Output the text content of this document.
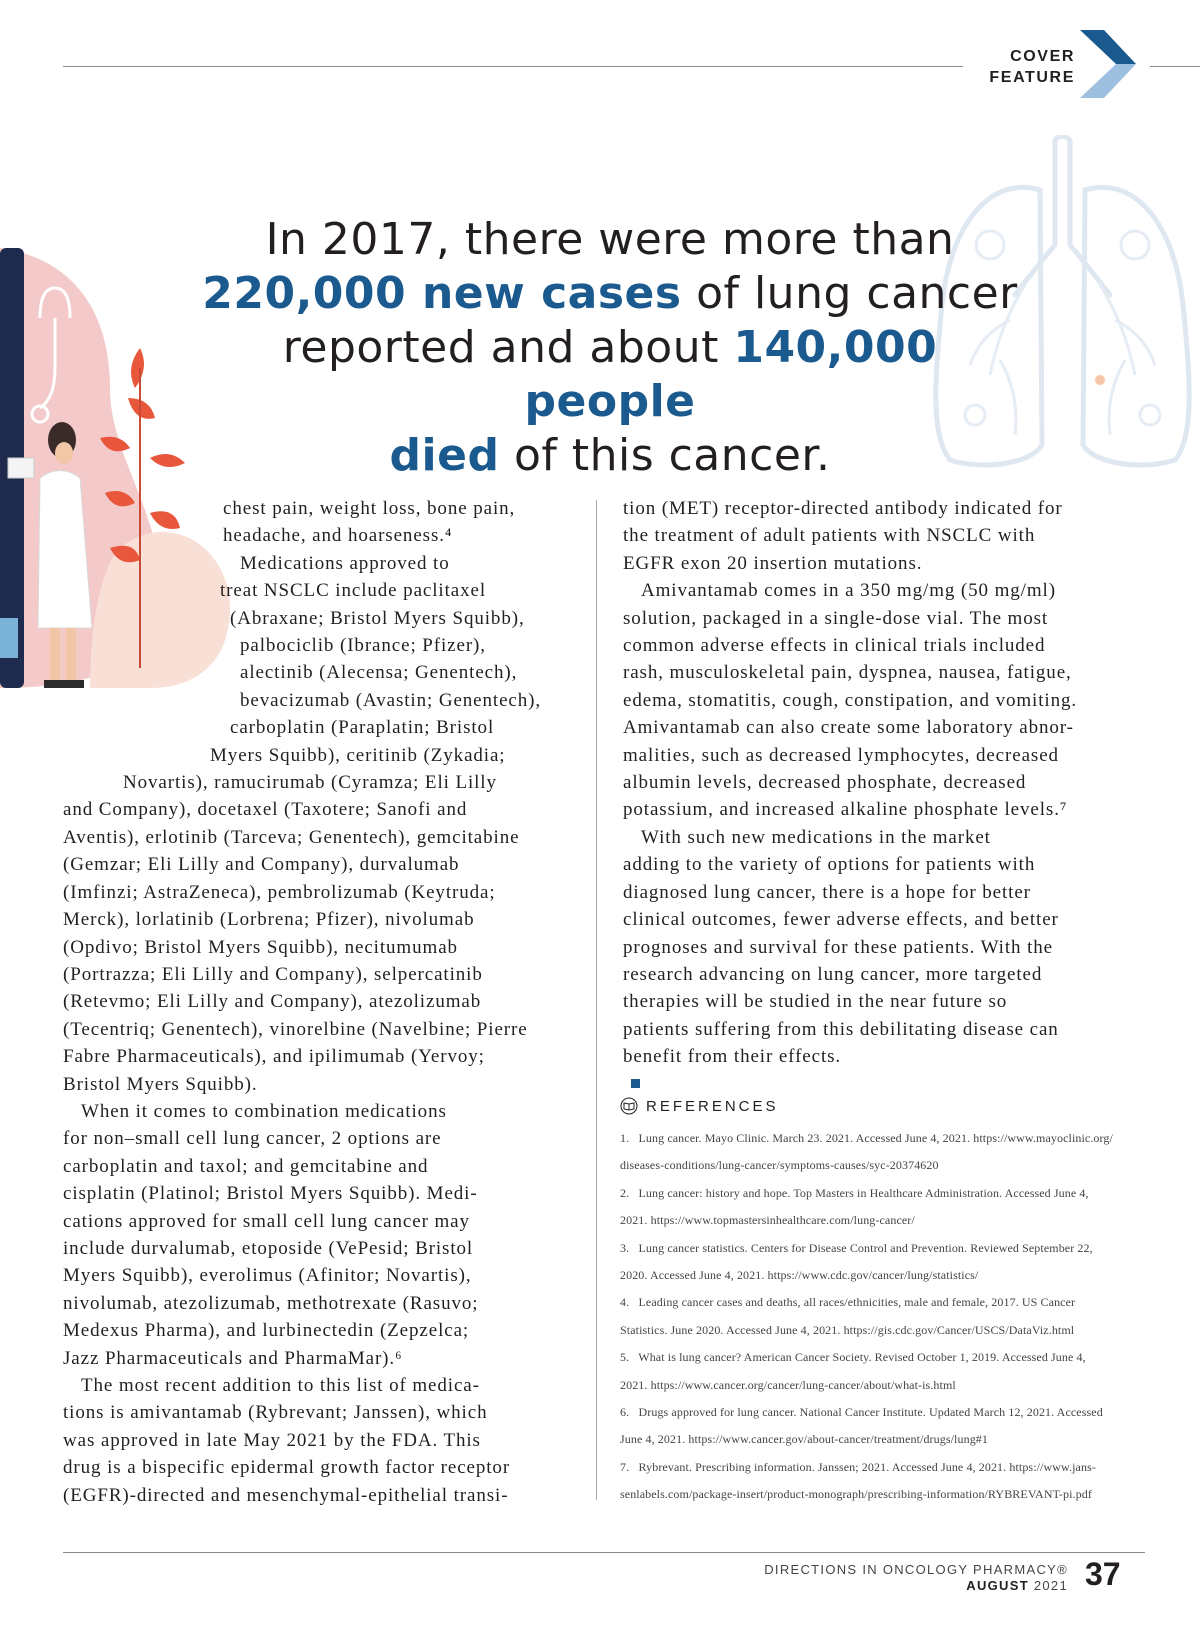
COVER
FEATURE
In 2017, there were more than
220,000 new cases of lung cancer
reported and about 140,000 people
died of this cancer.
chest pain, weight loss, bone pain,
headache, and hoarseness.⁴
Medications approved to
treat NSCLC include paclitaxel
(Abraxane; Bristol Myers Squibb),
palbociclib (Ibrance; Pfizer),
alectinib (Alecensa; Genentech),
bevacizumab (Avastin; Genentech),
carboplatin (Paraplatin; Bristol
Myers Squibb), ceritinib (Zykadia;
Novartis), ramucirumab (Cyramza; Eli Lilly
and Company), docetaxel (Taxotere; Sanofi and
Aventis), erlotinib (Tarceva; Genentech), gemcitabine
(Gemzar; Eli Lilly and Company), durvalumab
(Imfinzi; AstraZeneca), pembrolizumab (Keytruda;
Merck), lorlatinib (Lorbrena; Pfizer), nivolumab
(Opdivo; Bristol Myers Squibb), necitumumab
(Portrazza; Eli Lilly and Company), selpercatinib
(Retevmo; Eli Lilly and Company), atezolizumab
(Tecentriq; Genentech), vinorelbine (Navelbine; Pierre
Fabre Pharmaceuticals), and ipilimumab (Yervoy;
Bristol Myers Squibb).
When it comes to combination medications
for non–small cell lung cancer, 2 options are
carboplatin and taxol; and gemcitabine and
cisplatin (Platinol; Bristol Myers Squibb). Medi-
cations approved for small cell lung cancer may
include durvalumab, etoposide (VePesid; Bristol
Myers Squibb), everolimus (Afinitor; Novartis),
nivolumab, atezolizumab, methotrexate (Rasuvo;
Medexus Pharma), and lurbinectedin (Zepzelca;
Jazz Pharmaceuticals and PharmaMar).⁶
The most recent addition to this list of medica-
tions is amivantamab (Rybrevant; Janssen), which
was approved in late May 2021 by the FDA. This
drug is a bispecific epidermal growth factor receptor
(EGFR)-directed and mesenchymal-epithelial transi-
tion (MET) receptor-directed antibody indicated for
the treatment of adult patients with NSCLC with
EGFR exon 20 insertion mutations.
Amivantamab comes in a 350 mg/mg (50 mg/ml)
solution, packaged in a single-dose vial. The most
common adverse effects in clinical trials included
rash, musculoskeletal pain, dyspnea, nausea, fatigue,
edema, stomatitis, cough, constipation, and vomiting.
Amivantamab can also create some laboratory abnor-
malities, such as decreased lymphocytes, decreased
albumin levels, decreased phosphate, decreased
potassium, and increased alkaline phosphate levels.⁷
With such new medications in the market
adding to the variety of options for patients with
diagnosed lung cancer, there is a hope for better
clinical outcomes, fewer adverse effects, and better
prognoses and survival for these patients. With the
research advancing on lung cancer, more targeted
therapies will be studied in the near future so
patients suffering from this debilitating disease can
benefit from their effects.
REFERENCES
1.   Lung cancer. Mayo Clinic. March 23. 2021. Accessed June 4, 2021. https://www.mayoclinic.org/
diseases-conditions/lung-cancer/symptoms-causes/syc-20374620
2.   Lung cancer: history and hope. Top Masters in Healthcare Administration. Accessed June 4,
2021. https://www.topmastersinhealthcare.com/lung-cancer/
3.   Lung cancer statistics. Centers for Disease Control and Prevention. Reviewed September 22,
2020. Accessed June 4, 2021. https://www.cdc.gov/cancer/lung/statistics/
4.   Leading cancer cases and deaths, all races/ethnicities, male and female, 2017. US Cancer
Statistics. June 2020. Accessed June 4, 2021. https://gis.cdc.gov/Cancer/USCS/DataViz.html
5.   What is lung cancer? American Cancer Society. Revised October 1, 2019. Accessed June 4,
2021. https://www.cancer.org/cancer/lung-cancer/about/what-is.html
6.   Drugs approved for lung cancer. National Cancer Institute. Updated March 12, 2021. Accessed
June 4, 2021. https://www.cancer.gov/about-cancer/treatment/drugs/lung#1
7.   Rybrevant. Prescribing information. Janssen; 2021. Accessed June 4, 2021. https://www.jans-
senlabels.com/package-insert/product-monograph/prescribing-information/RYBREVANT-pi.pdf
DIRECTIONS IN ONCOLOGY PHARMACY®
AUGUST 2021 37
